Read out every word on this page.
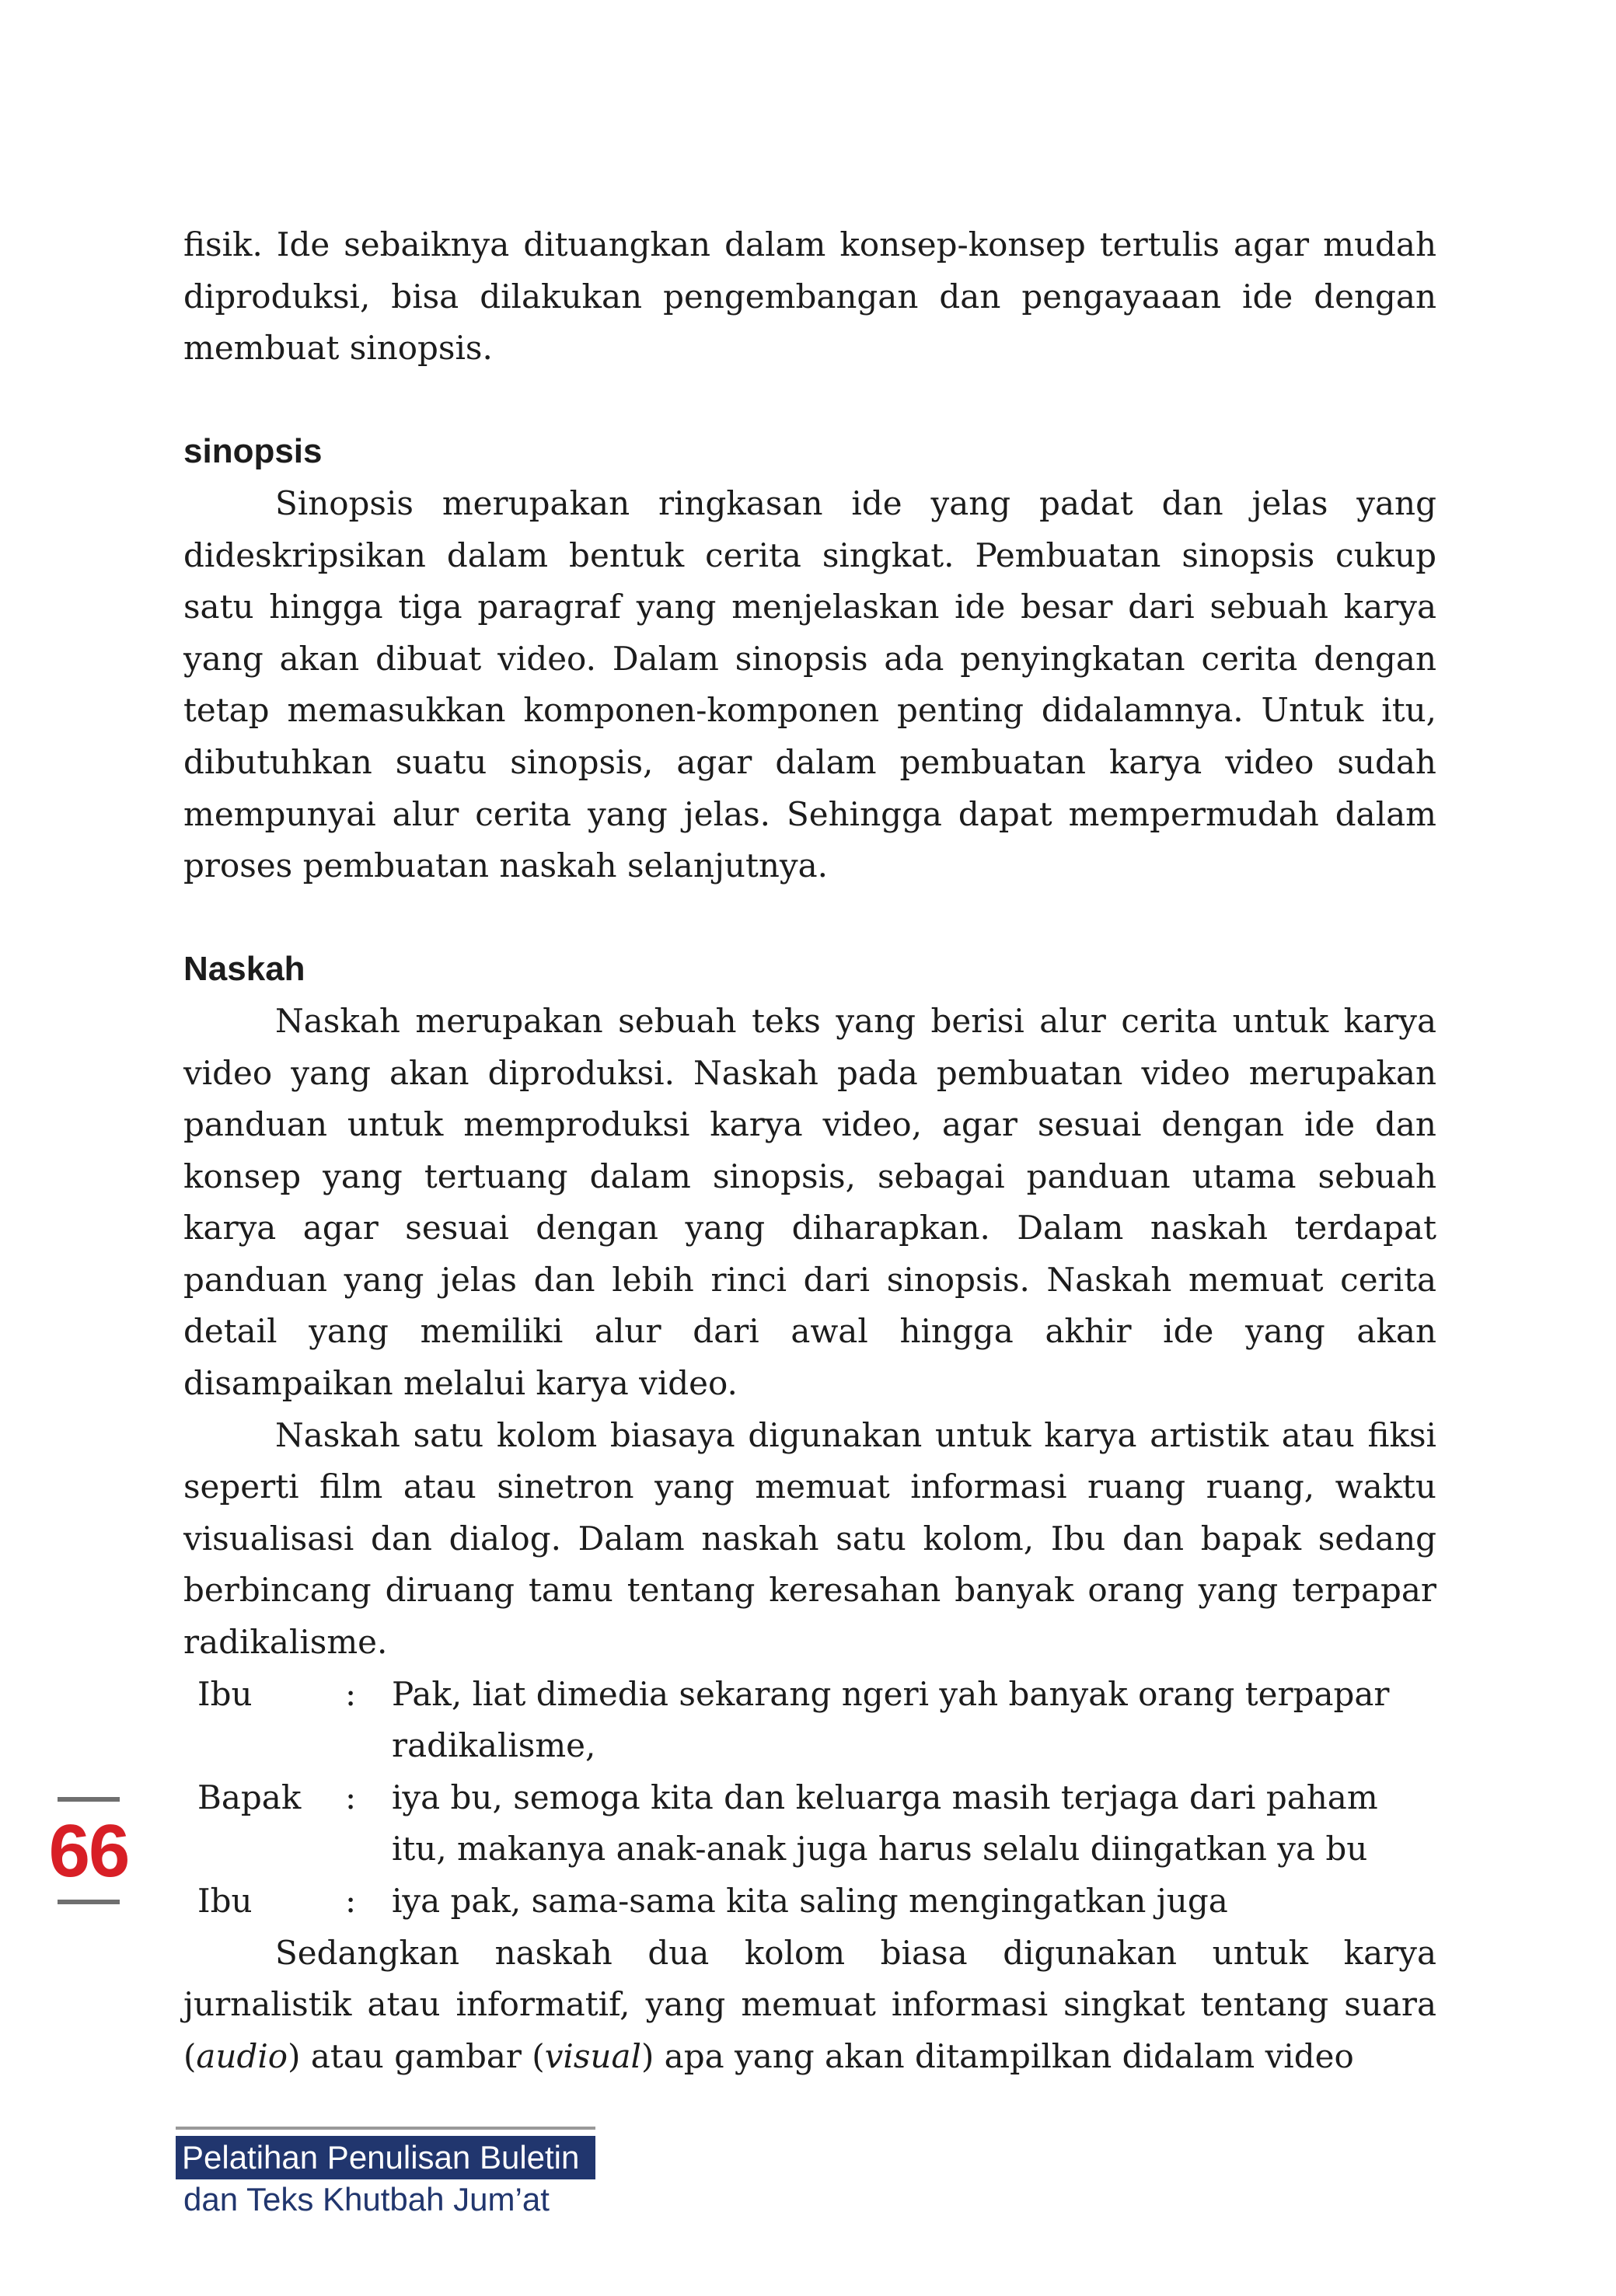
fisik. Ide sebaiknya dituangkan dalam konsep-konsep tertulis agar mudah diproduksi, bisa dilakukan pengembangan dan pengayaaan ide dengan membuat sinopsis.

sinopsis

Sinopsis merupakan ringkasan ide yang padat dan jelas yang dideskripsikan dalam bentuk cerita singkat. Pembuatan sinopsis cukup satu hingga tiga paragraf yang menjelaskan ide besar dari sebuah karya yang akan dibuat video. Dalam sinopsis ada penyingkatan cerita dengan tetap memasukkan komponen-komponen penting didalamnya. Untuk itu, dibutuhkan suatu sinopsis, agar dalam pembuatan karya video sudah mempunyai alur cerita yang jelas. Sehingga dapat mempermudah dalam proses pembuatan naskah selanjutnya.

Naskah

Naskah merupakan sebuah teks yang berisi alur cerita untuk karya video yang akan diproduksi. Naskah pada pembuatan video merupakan panduan untuk memproduksi karya video, agar sesuai dengan ide dan konsep yang tertuang dalam sinopsis, sebagai panduan utama sebuah karya agar sesuai dengan yang diharapkan. Dalam naskah terdapat panduan yang jelas dan lebih rinci dari sinopsis. Naskah memuat cerita detail yang memiliki alur dari awal hingga akhir ide yang akan disampaikan melalui karya video.

Naskah satu kolom biasaya digunakan untuk karya artistik atau fiksi seperti film atau sinetron yang memuat informasi ruang ruang, waktu visualisasi dan dialog. Dalam naskah satu kolom, Ibu dan bapak sedang berbincang diruang tamu tentang keresahan banyak orang yang terpapar radikalisme.

Ibu	:	Pak, liat dimedia sekarang ngeri yah banyak orang terpapar radikalisme,
Bapak	:	iya bu, semoga kita dan keluarga masih terjaga dari paham itu, makanya anak-anak juga harus selalu diingatkan ya bu
Ibu	:	iya pak, sama-sama kita saling mengingatkan juga

Sedangkan naskah dua kolom biasa digunakan untuk karya jurnalistik atau informatif, yang memuat informasi singkat tentang suara (audio) atau gambar (visual) apa yang akan ditampilkan didalam video

66
Pelatihan Penulisan Buletin
dan Teks Khutbah Jum’at
